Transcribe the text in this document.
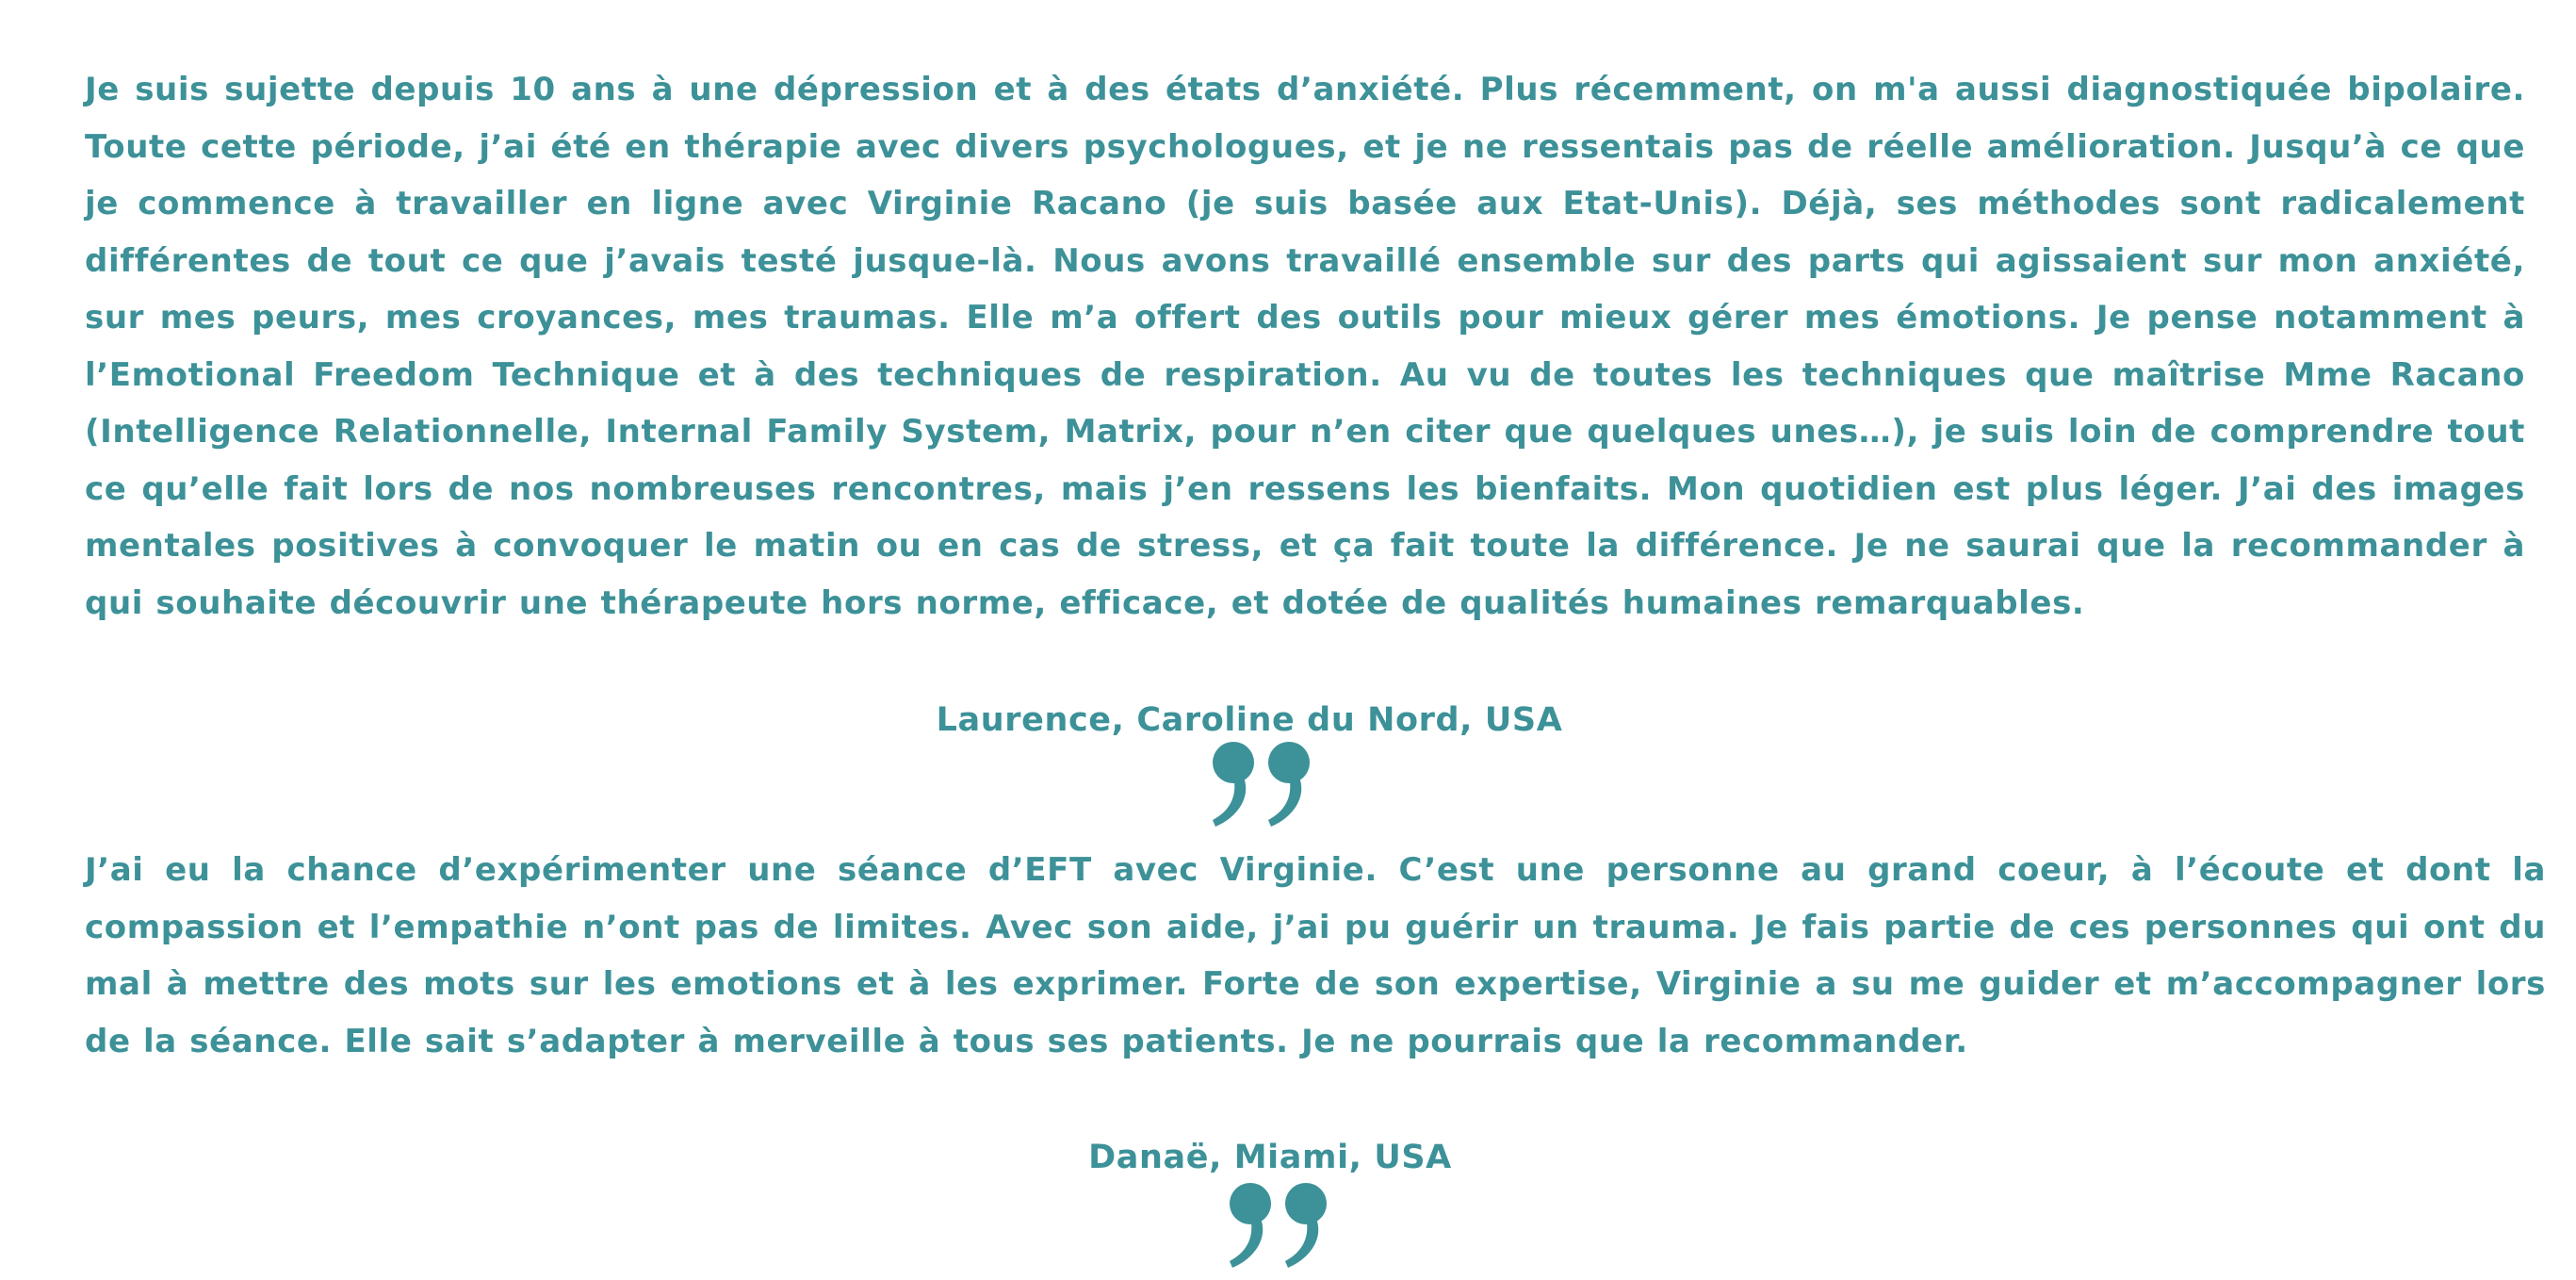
Je suis sujette depuis 10 ans à une dépression et à des états d’anxiété. Plus récemment, on m'a aussi diagnostiquée bipolaire. Toute cette période, j’ai été en thérapie avec divers psychologues, et je ne ressentais pas de réelle amélioration. Jusqu’à ce que je commence à travailler en ligne avec Virginie Racano (je suis basée aux Etat-Unis). Déjà, ses méthodes sont radicalement différentes de tout ce que j’avais testé jusque-là. Nous avons travaillé ensemble sur des parts qui agissaient sur mon anxiété, sur mes peurs, mes croyances, mes traumas. Elle m’a offert des outils pour mieux gérer mes émotions. Je pense notamment à l’Emotional Freedom Technique et à des techniques de respiration. Au vu de toutes les techniques que maîtrise Mme Racano (Intelligence Relationnelle, Internal Family System, Matrix, pour n’en citer que quelques unes…), je suis loin de comprendre tout ce qu’elle fait lors de nos nombreuses rencontres, mais j’en ressens les bienfaits. Mon quotidien est plus léger. J’ai des images mentales positives à convoquer le matin ou en cas de stress, et ça fait toute la différence. Je ne saurai que la recommander à qui souhaite découvrir une thérapeute hors norme, efficace, et dotée de qualités humaines remarquables.

Laurence, Caroline du Nord, USA

J’ai eu la chance d’expérimenter une séance d’EFT avec Virginie. C’est une personne au grand coeur, à l’écoute et dont la compassion et l’empathie n’ont pas de limites. Avec son aide, j’ai pu guérir un trauma. Je fais partie de ces personnes qui ont du mal à mettre des mots sur les emotions et à les exprimer. Forte de son expertise, Virginie a su me guider et m’accompagner lors de la séance. Elle sait s’adapter à merveille à tous ses patients. Je ne pourrais que la recommander.

Danaë, Miami, USA
